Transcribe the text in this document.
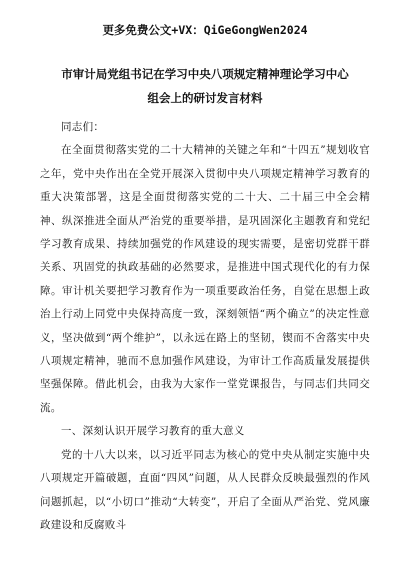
更多免费公文+VX：QiGeGongWen2024
市审计局党组书记在学习中央八项规定精神理论学习中心
组会上的研讨发言材料

同志们：

在全面贯彻落实党的二十大精神的关键之年和“十四五”规划收官之年，党中央作出在全党开展深入贯彻中央八项规定精神学习教育的重大决策部署，这是全面贯彻落实党的二十大、二十届三中全会精神、纵深推进全面从严治党的重要举措，是巩固深化主题教育和党纪学习教育成果、持续加强党的作风建设的现实需要，是密切党群干群关系、巩固党的执政基础的必然要求，是推进中国式现代化的有力保障。审计机关要把学习教育作为一项重要政治任务，自觉在思想上政治上行动上同党中央保持高度一致，深刻领悟“两个确立”的决定性意义，坚决做到“两个维护”，以永远在路上的坚韧，锲而不舍落实中央八项规定精神，驰而不息加强作风建设，为审计工作高质量发展提供坚强保障。借此机会，由我为大家作一堂党课报告，与同志们共同交流。

一、深刻认识开展学习教育的重大意义

党的十八大以来，以习近平同志为核心的党中央从制定实施中央八项规定开篇破题，直面“四风”问题，从人民群众反映最强烈的作风问题抓起，以“小切口”推动“大转变”，开启了全面从严治党、党风廉政建设和反腐败斗
